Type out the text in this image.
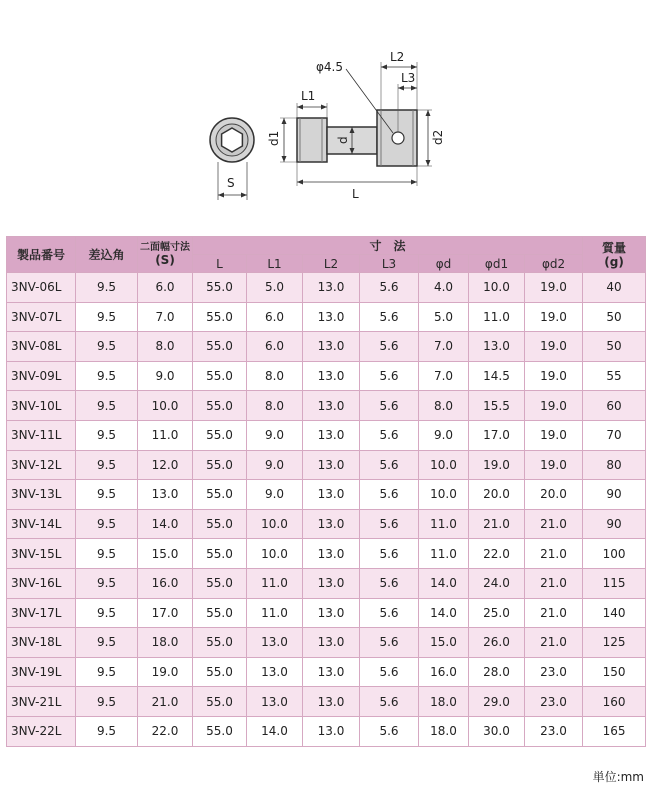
S
d1	d	d2
L1
L
L2
L3
φ4.5
製品番号	差込角	二面幅寸法
(S)	寸　法							質量
(g)
			L	L1	L2	L3	φd	φd1	φd2	
3NV-06L	9.5	6.0	55.0	5.0	13.0	5.6	4.0	10.0	19.0	40
3NV-07L	9.5	7.0	55.0	6.0	13.0	5.6	5.0	11.0	19.0	50
3NV-08L	9.5	8.0	55.0	6.0	13.0	5.6	7.0	13.0	19.0	50
3NV-09L	9.5	9.0	55.0	8.0	13.0	5.6	7.0	14.5	19.0	55
3NV-10L	9.5	10.0	55.0	8.0	13.0	5.6	8.0	15.5	19.0	60
3NV-11L	9.5	11.0	55.0	9.0	13.0	5.6	9.0	17.0	19.0	70
3NV-12L	9.5	12.0	55.0	9.0	13.0	5.6	10.0	19.0	19.0	80
3NV-13L	9.5	13.0	55.0	9.0	13.0	5.6	10.0	20.0	20.0	90
3NV-14L	9.5	14.0	55.0	10.0	13.0	5.6	11.0	21.0	21.0	90
3NV-15L	9.5	15.0	55.0	10.0	13.0	5.6	11.0	22.0	21.0	100
3NV-16L	9.5	16.0	55.0	11.0	13.0	5.6	14.0	24.0	21.0	115
3NV-17L	9.5	17.0	55.0	11.0	13.0	5.6	14.0	25.0	21.0	140
3NV-18L	9.5	18.0	55.0	13.0	13.0	5.6	15.0	26.0	21.0	125
3NV-19L	9.5	19.0	55.0	13.0	13.0	5.6	16.0	28.0	23.0	150
3NV-21L	9.5	21.0	55.0	13.0	13.0	5.6	18.0	29.0	23.0	160
3NV-22L	9.5	22.0	55.0	14.0	13.0	5.6	18.0	30.0	23.0	165
単位:mm
